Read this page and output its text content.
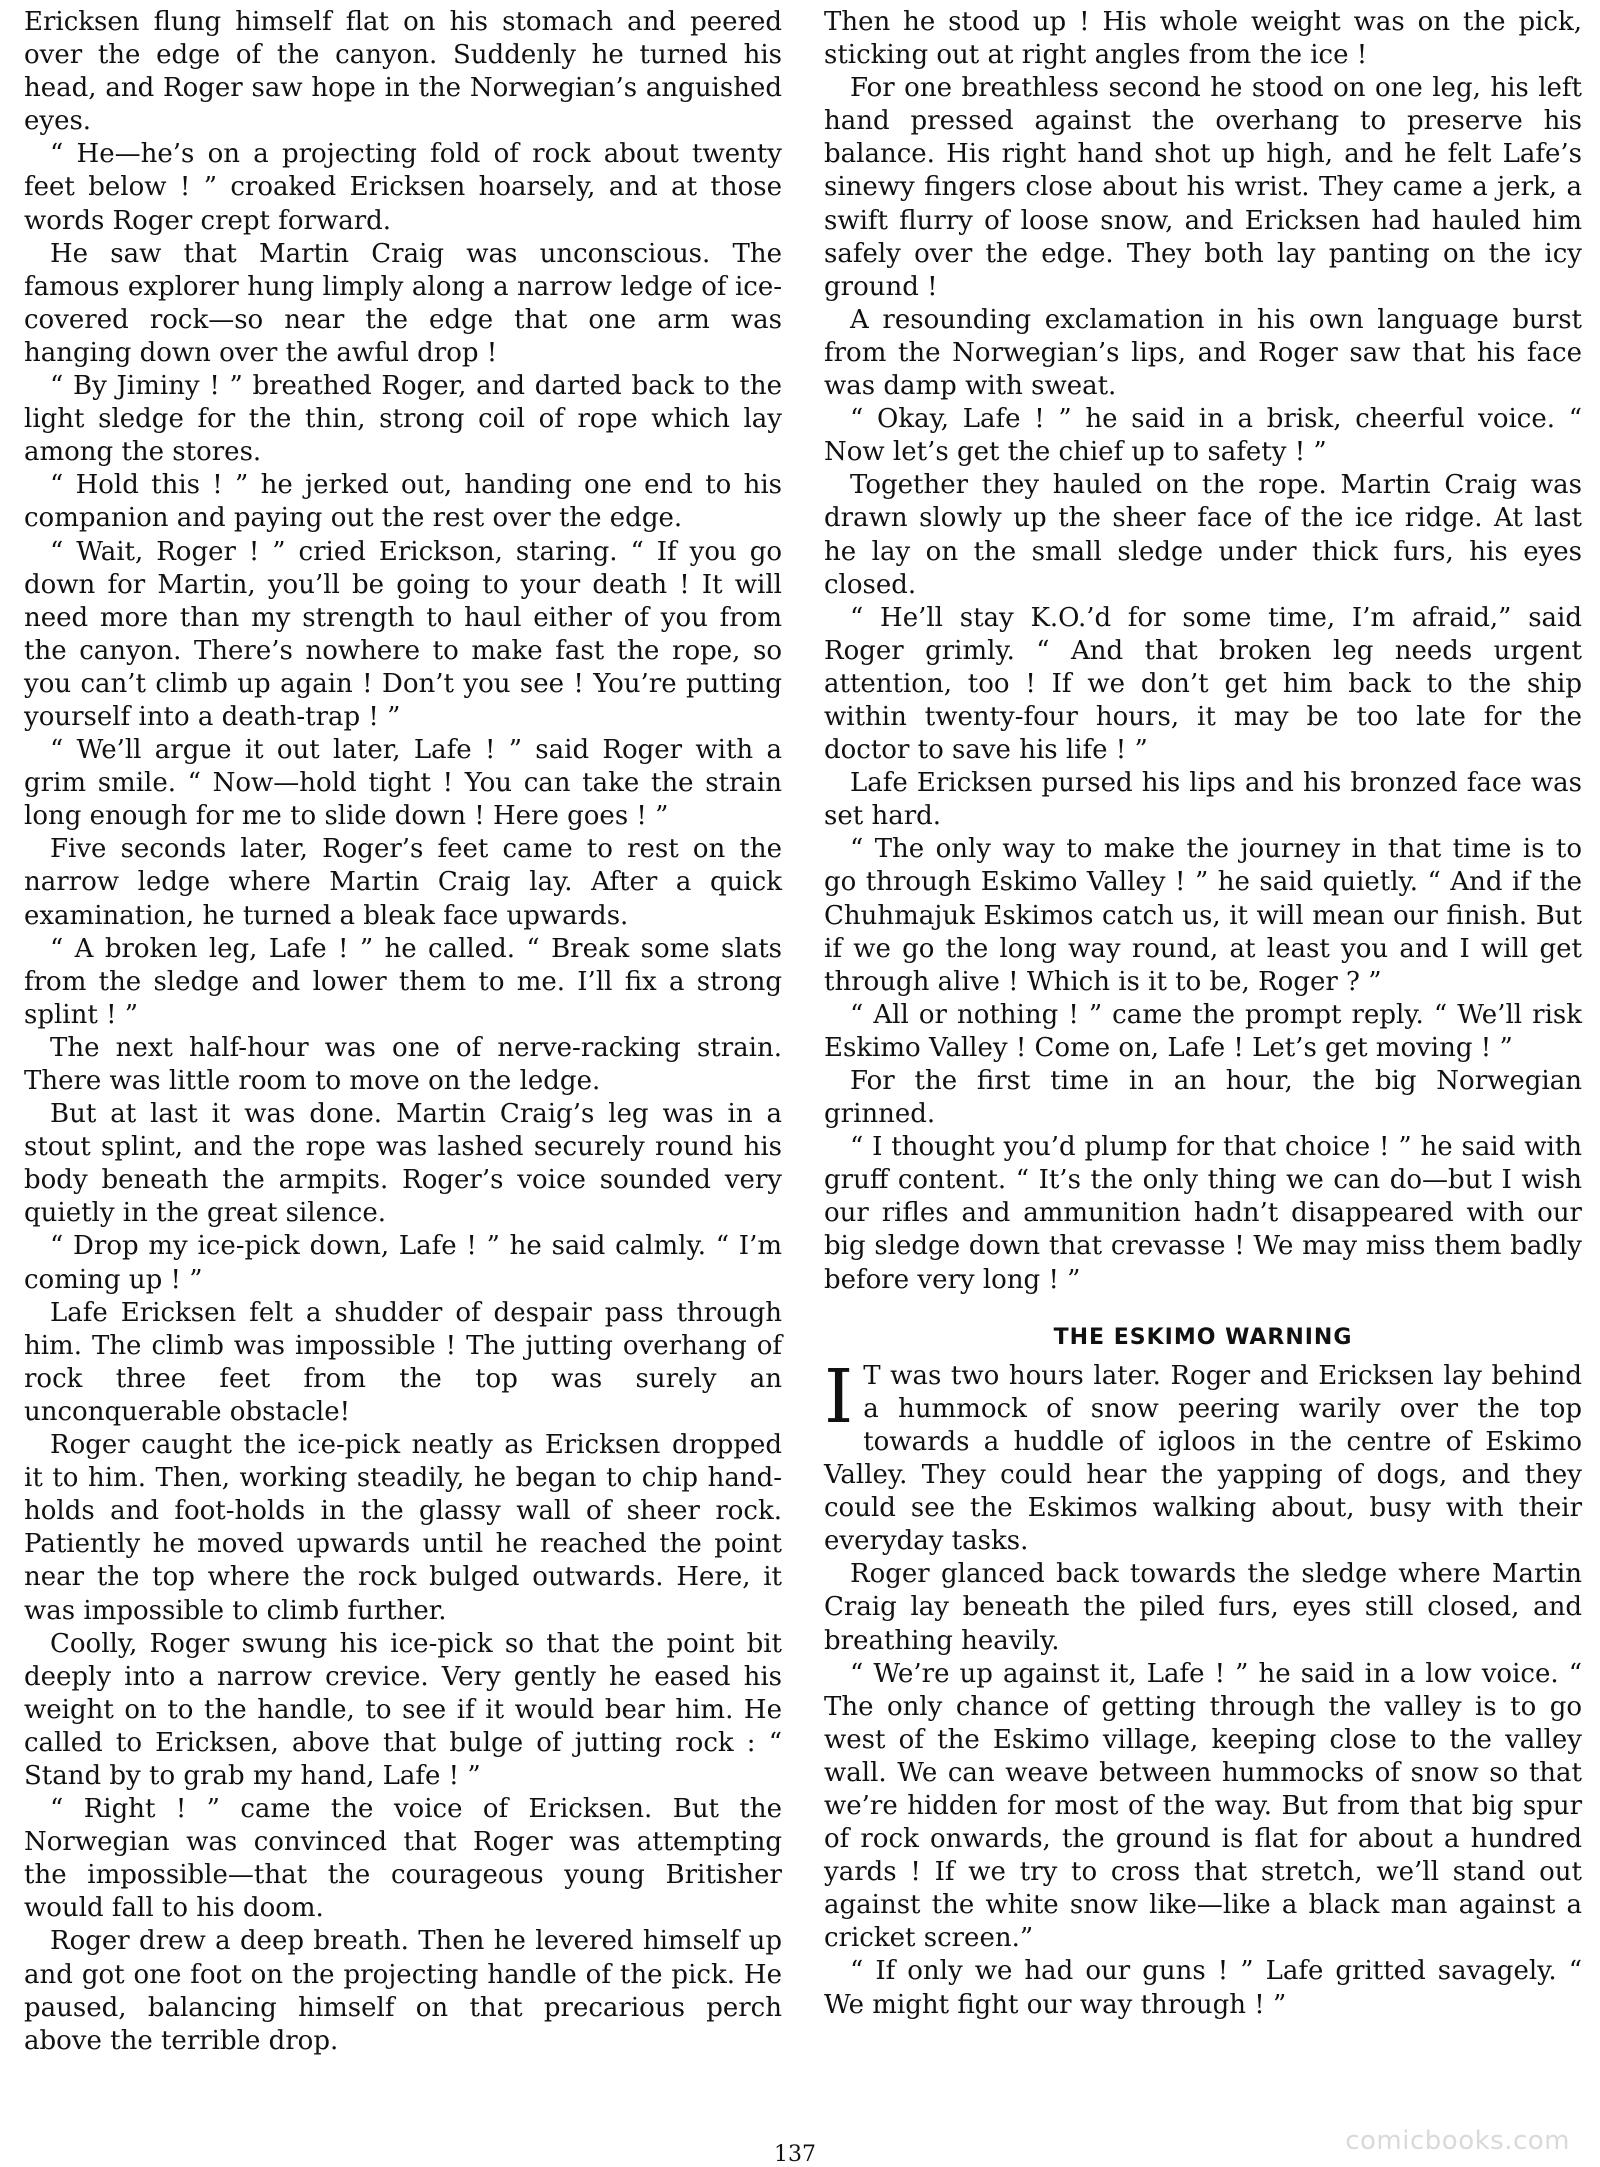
Ericksen flung himself flat on his stomach and peered over the edge of the canyon. Suddenly he turned his head, and Roger saw hope in the Norwegian’s anguished eyes.

“ He—he’s on a projecting fold of rock about twenty feet below ! ” croaked Ericksen hoarsely, and at those words Roger crept forward.

He saw that Martin Craig was unconscious. The famous explorer hung limply along a narrow ledge of ice-covered rock—so near the edge that one arm was hanging down over the awful drop !

“ By Jiminy ! ” breathed Roger, and darted back to the light sledge for the thin, strong coil of rope which lay among the stores.

“ Hold this ! ” he jerked out, handing one end to his companion and paying out the rest over the edge.

“ Wait, Roger ! ” cried Erickson, staring. “ If you go down for Martin, you’ll be going to your death ! It will need more than my strength to haul either of you from the canyon. There’s nowhere to make fast the rope, so you can’t climb up again ! Don’t you see ! You’re putting yourself into a death-trap ! ”

“ We’ll argue it out later, Lafe ! ” said Roger with a grim smile. “ Now—hold tight ! You can take the strain long enough for me to slide down ! Here goes ! ”

Five seconds later, Roger’s feet came to rest on the narrow ledge where Martin Craig lay. After a quick examination, he turned a bleak face upwards.

“ A broken leg, Lafe ! ” he called. “ Break some slats from the sledge and lower them to me. I’ll fix a strong splint ! ”

The next half-hour was one of nerve-racking strain. There was little room to move on the ledge.

But at last it was done. Martin Craig’s leg was in a stout splint, and the rope was lashed securely round his body beneath the armpits. Roger’s voice sounded very quietly in the great silence.

“ Drop my ice-pick down, Lafe ! ” he said calmly. “ I’m coming up ! ”

Lafe Ericksen felt a shudder of despair pass through him. The climb was impossible ! The jutting overhang of rock three feet from the top was surely an unconquerable obstacle!

Roger caught the ice-pick neatly as Ericksen dropped it to him. Then, working steadily, he began to chip hand-holds and foot-holds in the glassy wall of sheer rock. Patiently he moved upwards until he reached the point near the top where the rock bulged outwards. Here, it was impossible to climb further.

Coolly, Roger swung his ice-pick so that the point bit deeply into a narrow crevice. Very gently he eased his weight on to the handle, to see if it would bear him. He called to Ericksen, above that bulge of jutting rock : “ Stand by to grab my hand, Lafe ! ”

“ Right ! ” came the voice of Ericksen. But the Norwegian was convinced that Roger was attempting the impossible—that the courageous young Britisher would fall to his doom.

Roger drew a deep breath. Then he levered himself up and got one foot on the projecting handle of the pick. He paused, balancing himself on that precarious perch above the terrible drop.

Then he stood up ! His whole weight was on the pick, sticking out at right angles from the ice !

For one breathless second he stood on one leg, his left hand pressed against the overhang to preserve his balance. His right hand shot up high, and he felt Lafe’s sinewy fingers close about his wrist. They came a jerk, a swift flurry of loose snow, and Ericksen had hauled him safely over the edge. They both lay panting on the icy ground !

A resounding exclamation in his own language burst from the Norwegian’s lips, and Roger saw that his face was damp with sweat.

“ Okay, Lafe ! ” he said in a brisk, cheerful voice. “ Now let’s get the chief up to safety ! ”

Together they hauled on the rope. Martin Craig was drawn slowly up the sheer face of the ice ridge. At last he lay on the small sledge under thick furs, his eyes closed.

“ He’ll stay K.O.’d for some time, I’m afraid,” said Roger grimly. “ And that broken leg needs urgent attention, too ! If we don’t get him back to the ship within twenty-four hours, it may be too late for the doctor to save his life ! ”

Lafe Ericksen pursed his lips and his bronzed face was set hard.

“ The only way to make the journey in that time is to go through Eskimo Valley ! ” he said quietly. “ And if the Chuhmajuk Eskimos catch us, it will mean our finish. But if we go the long way round, at least you and I will get through alive ! Which is it to be, Roger ? ”

“ All or nothing ! ” came the prompt reply. “ We’ll risk Eskimo Valley ! Come on, Lafe ! Let’s get moving ! ”

For the first time in an hour, the big Norwegian grinned.

“ I thought you’d plump for that choice ! ” he said with gruff content. “ It’s the only thing we can do—but I wish our rifles and ammunition hadn’t disappeared with our big sledge down that crevasse ! We may miss them badly before very long ! ”

THE ESKIMO WARNING

I T was two hours later. Roger and Ericksen lay behind a hummock of snow peering warily over the top towards a huddle of igloos in the centre of Eskimo Valley. They could hear the yapping of dogs, and they could see the Eskimos walking about, busy with their everyday tasks.

Roger glanced back towards the sledge where Martin Craig lay beneath the piled furs, eyes still closed, and breathing heavily.

“ We’re up against it, Lafe ! ” he said in a low voice. “ The only chance of getting through the valley is to go west of the Eskimo village, keeping close to the valley wall. We can weave between hummocks of snow so that we’re hidden for most of the way. But from that big spur of rock onwards, the ground is flat for about a hundred yards ! If we try to cross that stretch, we’ll stand out against the white snow like—like a black man against a cricket screen.”

“ If only we had our guns ! ” Lafe gritted savagely. “ We might fight our way through ! ”

137	comicbooks.com
